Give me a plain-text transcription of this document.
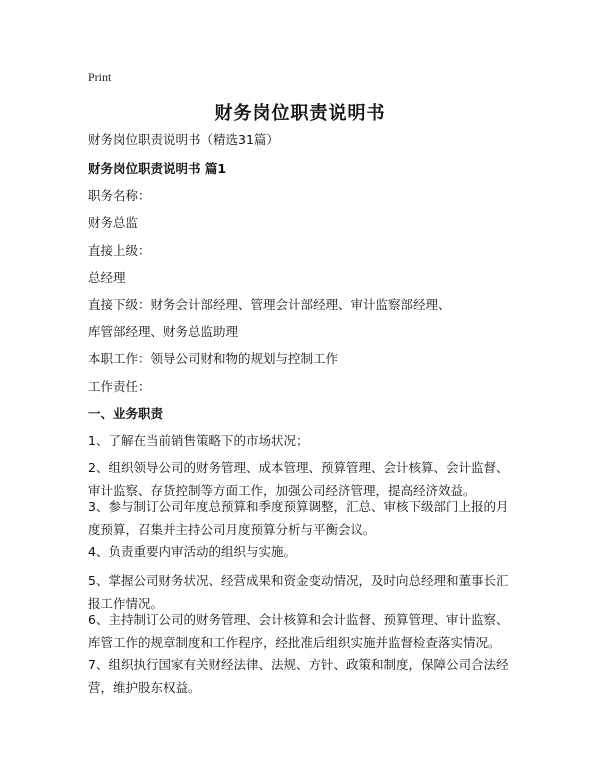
Print
财务岗位职责说明书
财务岗位职责说明书（精选31篇）
财务岗位职责说明书 篇1
职务名称：
财务总监
直接上级：
总经理
直接下级：财务会计部经理、管理会计部经理、审计监察部经理、
库管部经理、财务总监助理
本职工作：领导公司财和物的规划与控制工作
工作责任：
一、业务职责
1、了解在当前销售策略下的市场状况；
2、组织领导公司的财务管理、成本管理、预算管理、会计核算、会计监督、审计监察、存货控制等方面工作，加强公司经济管理，提高经济效益。
3、参与制订公司年度总预算和季度预算调整，汇总、审核下级部门上报的月度预算，召集并主持公司月度预算分析与平衡会议。
4、负责重要内审活动的组织与实施。
5、掌握公司财务状况、经营成果和资金变动情况，及时向总经理和董事长汇报工作情况。
6、主持制订公司的财务管理、会计核算和会计监督、预算管理、审计监察、库管工作的规章制度和工作程序，经批准后组织实施并监督检查落实情况。
7、组织执行国家有关财经法律、法规、方针、政策和制度，保障公司合法经营，维护股东权益。
